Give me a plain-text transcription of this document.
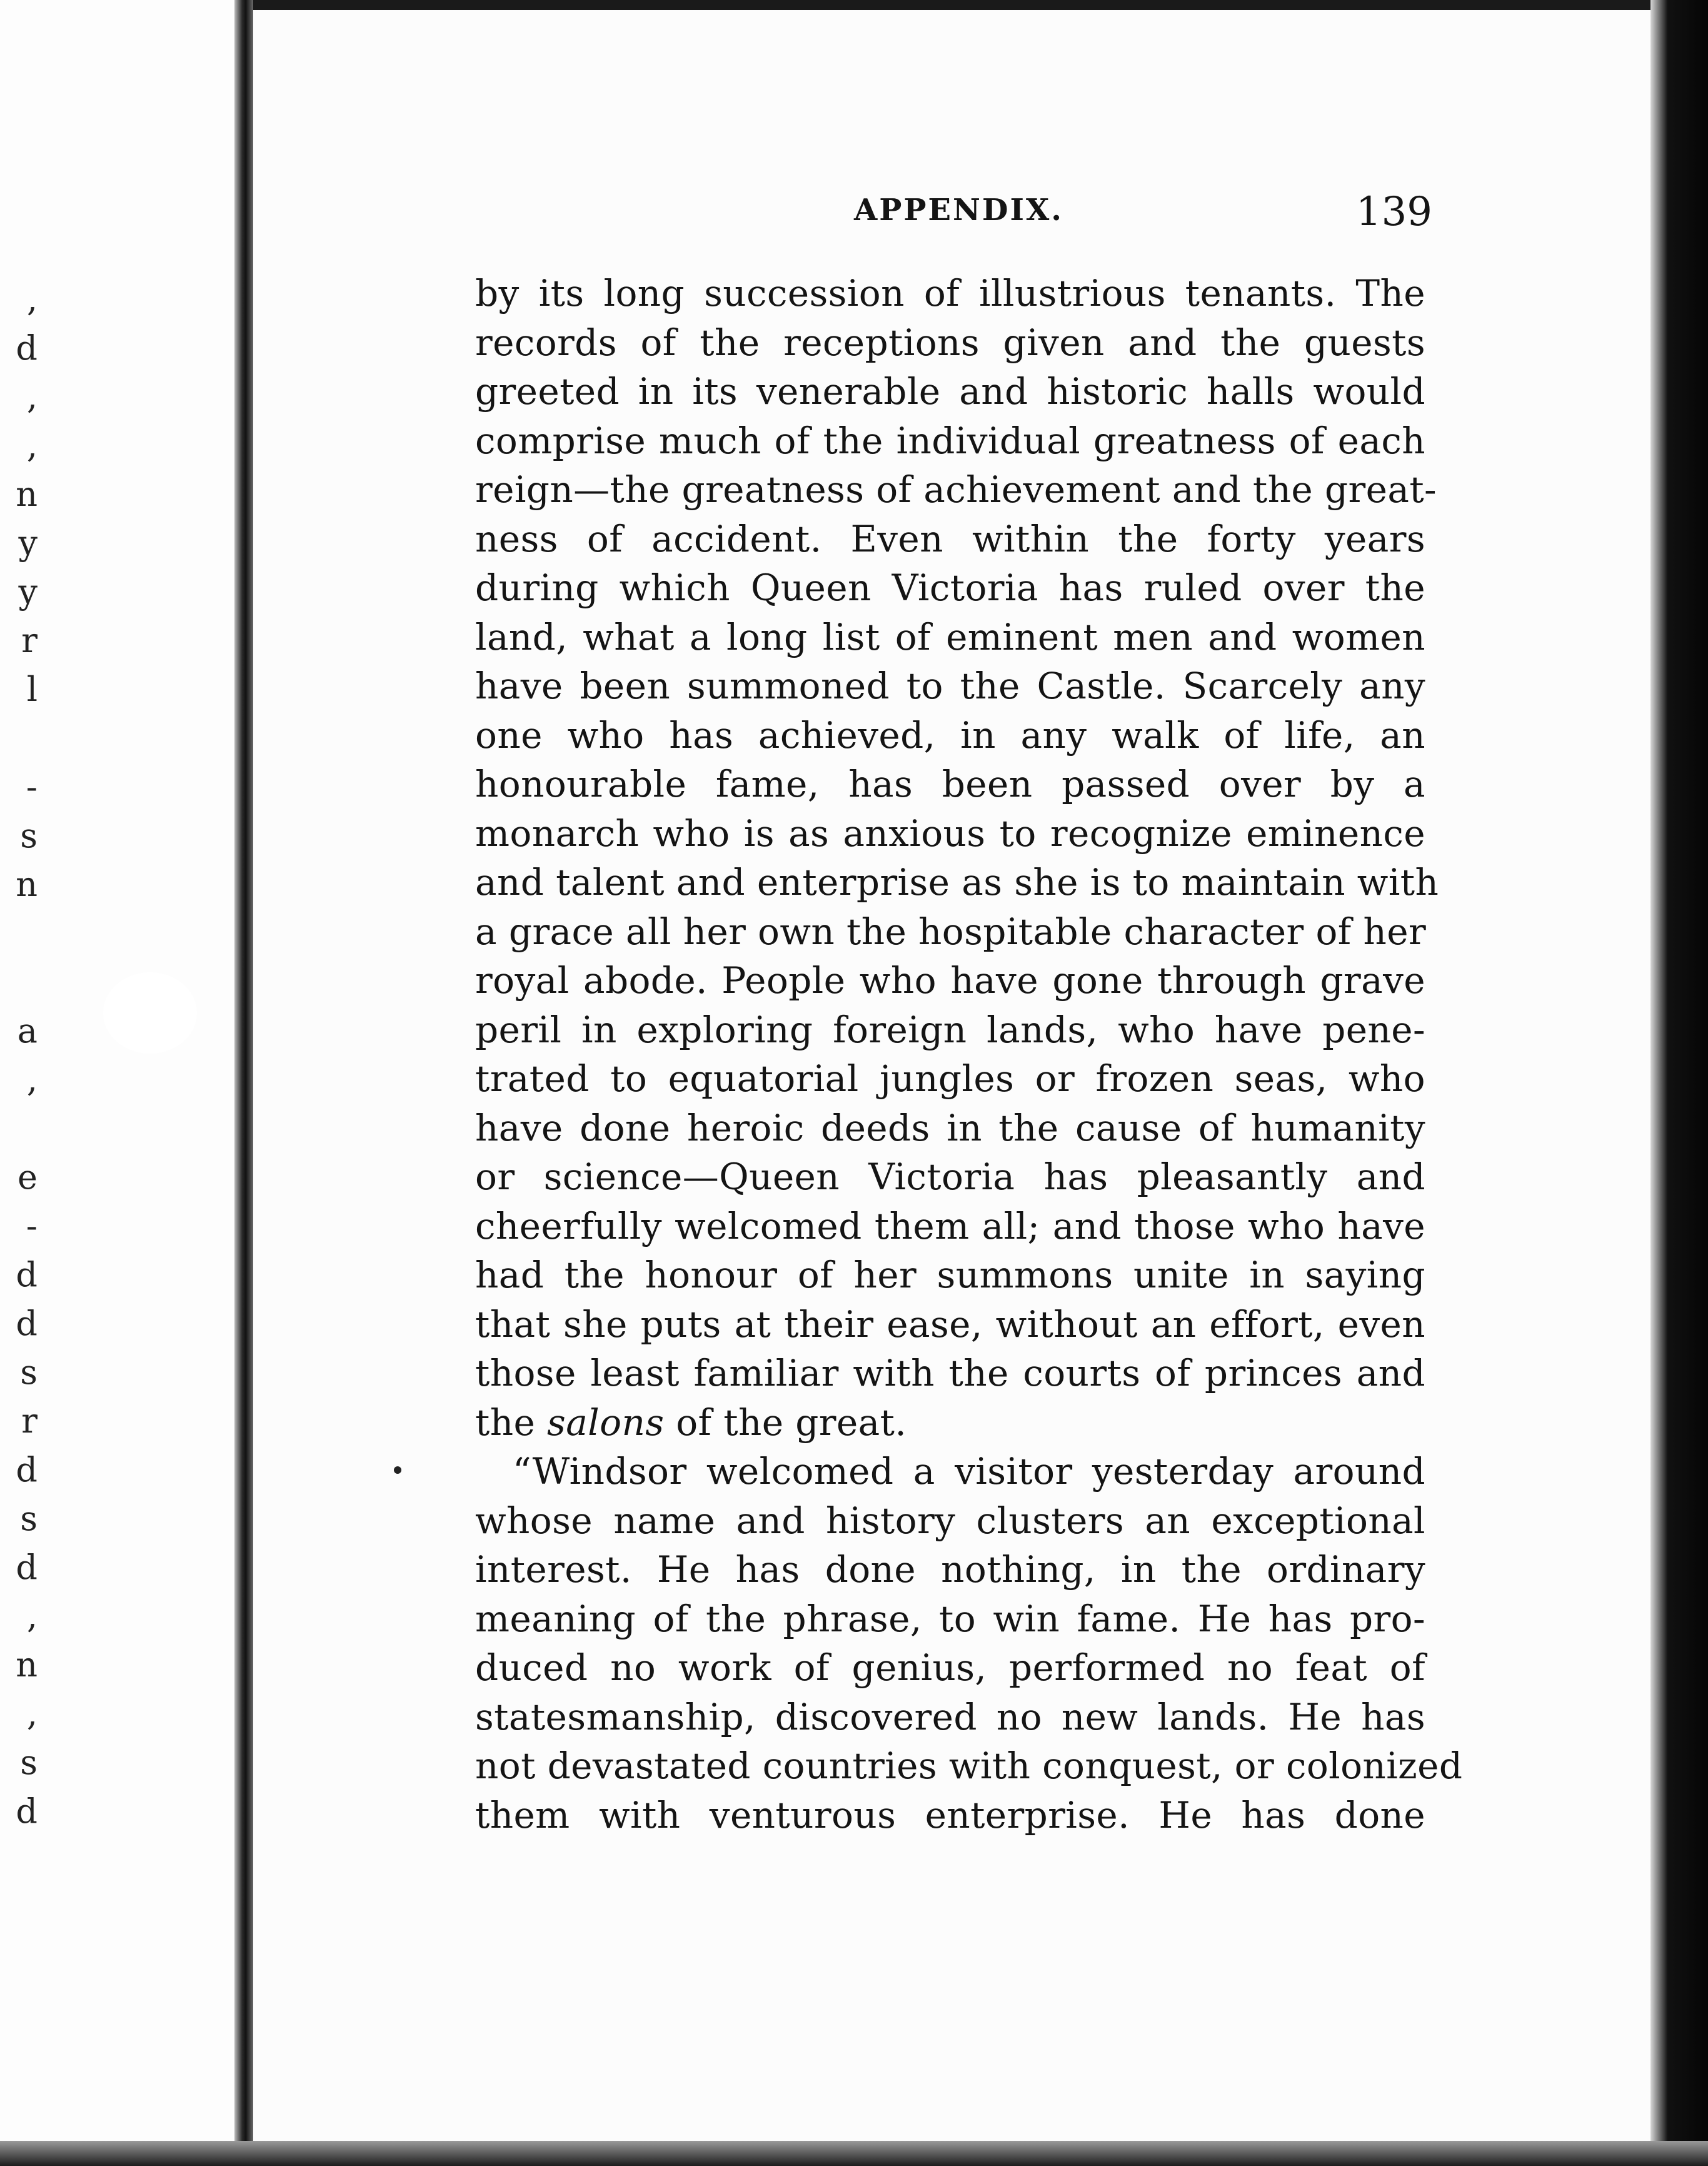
,
d
,
,
n
y
y
r
l
-
s
n
a
,
e
-
d
d
s
r
d
s
d
,
n
,
s
d
APPENDIX.	139
by its long succession of illustrious tenants. The
records of the receptions given and the guests
greeted in its venerable and historic halls would
comprise much of the individual greatness of each
reign—the greatness of achievement and the great-
ness of accident. Even within the forty years
during which Queen Victoria has ruled over the
land, what a long list of eminent men and women
have been summoned to the Castle. Scarcely any
one who has achieved, in any walk of life, an
honourable fame, has been passed over by a
monarch who is as anxious to recognize eminence
and talent and enterprise as she is to maintain with
a grace all her own the hospitable character of her
royal abode. People who have gone through grave
peril in exploring foreign lands, who have pene-
trated to equatorial jungles or frozen seas, who
have done heroic deeds in the cause of humanity
or science—Queen Victoria has pleasantly and
cheerfully welcomed them all; and those who have
had the honour of her summons unite in saying
that she puts at their ease, without an effort, even
those least familiar with the courts of princes and
the salons of the great.
“Windsor welcomed a visitor yesterday around
whose name and history clusters an exceptional
interest. He has done nothing, in the ordinary
meaning of the phrase, to win fame. He has pro-
duced no work of genius, performed no feat of
statesmanship, discovered no new lands. He has
not devastated countries with conquest, or colonized
them with venturous enterprise. He has done
